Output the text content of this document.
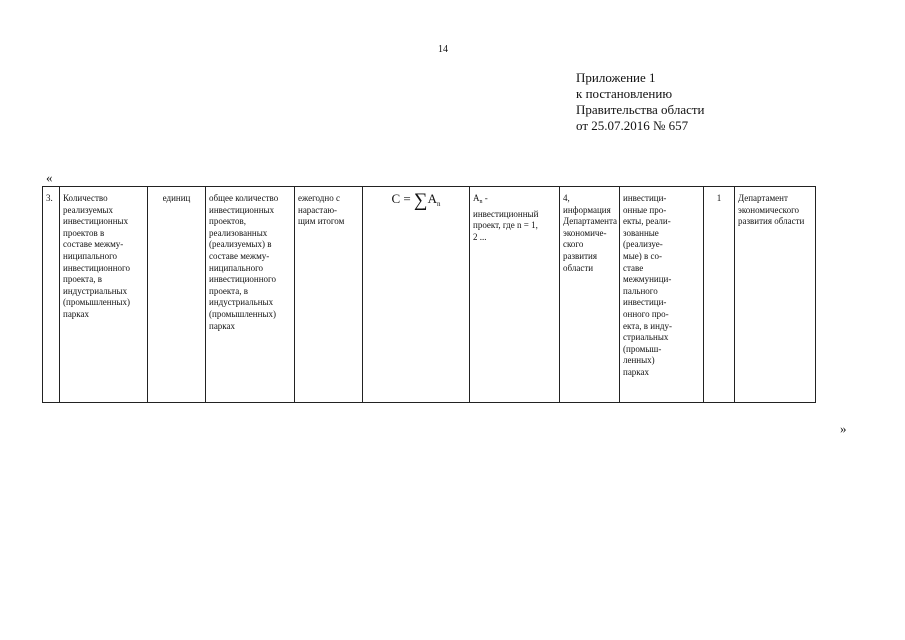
14
Приложение 1
к постановлению
Правительства области
от 25.07.2016 № 657
«
3.	Количество
реализуемых
инвестиционных
проектов в
составе межму-
ниципального
инвестиционного
проекта, в
индустриальных
(промышленных)
парках	единиц	общее количество
инвестиционных
проектов,
реализованных
(реализуемых) в
составе межму-
ниципального
инвестиционного
проекта, в
индустриальных
(промышленных)
парках	ежегодно с
нарастаю-
щим итогом	$C = \sum A_n$	$A_n$ -
инвестиционный
проект, где n = 1,
2 ...	4, информация
Департамента
экономиче-
ского развития
области	инвестици-
онные про-
екты, реали-
зованные
(реализуе-
мые) в со-
ставе
межмуници-
пального
инвестици-
онного про-
екта, в инду-
стриальных
(промыш-
ленных)
парках	1	Департамент
экономического
развития области
»
